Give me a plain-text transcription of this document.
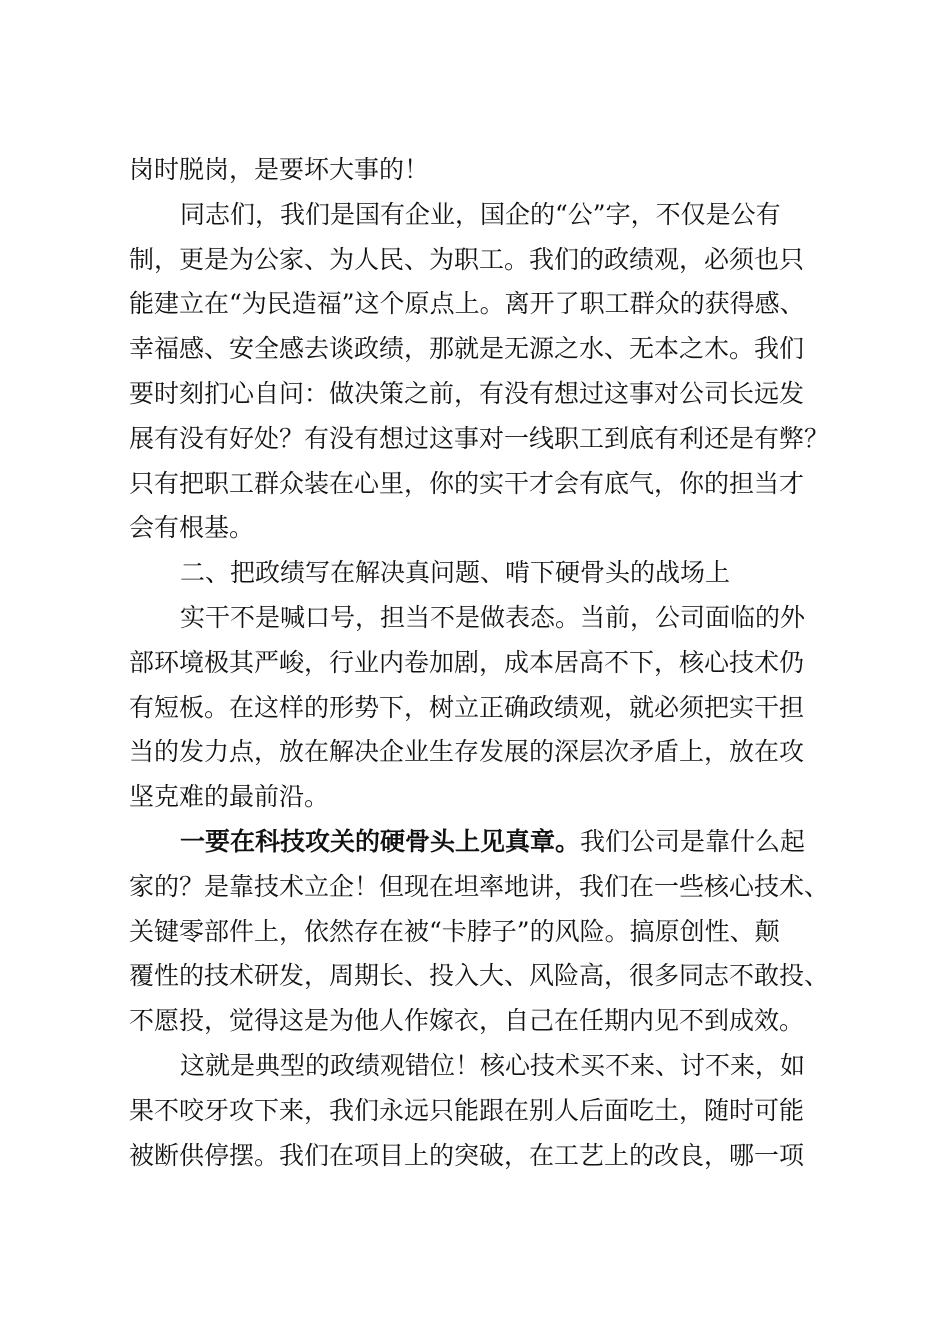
岗时脱岗，是要坏大事的！
同志们，我们是国有企业，国企的“公”字，不仅是公有
制，更是为公家、为人民、为职工。我们的政绩观，必须也只
能建立在“为民造福”这个原点上。离开了职工群众的获得感、
幸福感、安全感去谈政绩，那就是无源之水、无本之木。我们
要时刻扪心自问：做决策之前，有没有想过这事对公司长远发
展有没有好处？有没有想过这事对一线职工到底有利还是有弊？
只有把职工群众装在心里，你的实干才会有底气，你的担当才
会有根基。
二、把政绩写在解决真问题、啃下硬骨头的战场上
实干不是喊口号，担当不是做表态。当前，公司面临的外
部环境极其严峻，行业内卷加剧，成本居高不下，核心技术仍
有短板。在这样的形势下，树立正确政绩观，就必须把实干担
当的发力点，放在解决企业生存发展的深层次矛盾上，放在攻
坚克难的最前沿。
一要在科技攻关的硬骨头上见真章。我们公司是靠什么起
家的？是靠技术立企！但现在坦率地讲，我们在一些核心技术、
关键零部件上，依然存在被“卡脖子”的风险。搞原创性、颠
覆性的技术研发，周期长、投入大、风险高，很多同志不敢投、
不愿投，觉得这是为他人作嫁衣，自己在任期内见不到成效。
这就是典型的政绩观错位！核心技术买不来、讨不来，如
果不咬牙攻下来，我们永远只能跟在别人后面吃土，随时可能
被断供停摆。我们在项目上的突破，在工艺上的改良，哪一项
